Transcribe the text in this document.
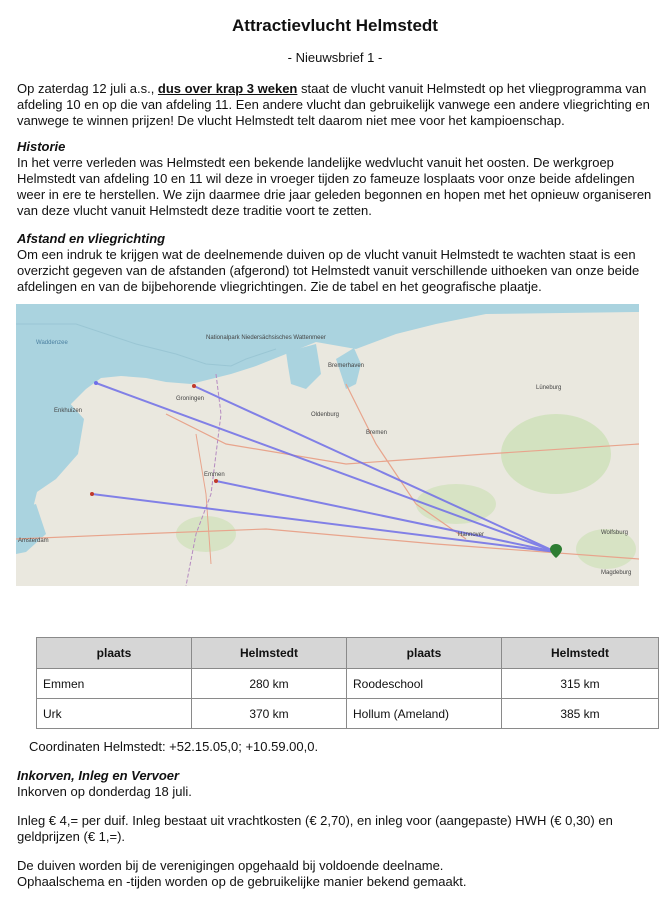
Attractievlucht Helmstedt
- Nieuwsbrief 1 -
Op zaterdag 12 juli a.s., dus over krap 3 weken staat de vlucht vanuit Helmstedt op het vliegprogramma van afdeling 10 en op die van afdeling 11. Een andere vlucht dan gebruikelijk vanwege een andere vliegrichting en vanwege te winnen prijzen! De vlucht Helmstedt telt daarom niet mee voor het kampioenschap.
Historie
In het verre verleden was Helmstedt een bekende landelijke wedvlucht vanuit het oosten. De werkgroep Helmstedt van afdeling 10 en 11 wil deze in vroeger tijden zo fameuze losplaats voor onze beide afdelingen weer in ere te herstellen. We zijn daarmee drie jaar geleden begonnen en hopen met het opnieuw organiseren van deze vlucht vanuit Helmstedt deze traditie voort te zetten.
Afstand en vliegrichting
Om een indruk te krijgen wat de deelnemende duiven op de vlucht vanuit Helmstedt te wachten staat is een overzicht gegeven van de afstanden (afgerond) tot Helmstedt vanuit verschillende uithoeken van onze beide afdelingen en van de bijbehorende vliegrichtingen. Zie de tabel en het geografische plaatje.
Amsterdam
Enkhuizen
Groningen
Emmen
Oldenburg
Bremen
Bremerhaven
Hannover	Wolfsburg
Magdeburg
Lüneburg
Nationalpark Niedersächsisches Wattenmeer
Waddenzee
plaats	Helmstedt	plaats	Helmstedt
Emmen	280 km	Roodeschool	315 km
Urk	370 km	Hollum (Ameland)	385 km
Coordinaten Helmstedt: +52.15.05,0; +10.59.00,0.
Inkorven, Inleg en Vervoer
Inkorven op donderdag 18 juli.
Inleg € 4,= per duif. Inleg bestaat uit vrachtkosten (€ 2,70), en inleg voor (aangepaste) HWH (€ 0,30) en geldprijzen (€ 1,=).
De duiven worden bij de verenigingen opgehaald bij voldoende deelname.
Ophaalschema en -tijden worden op de gebruikelijke manier bekend gemaakt.
